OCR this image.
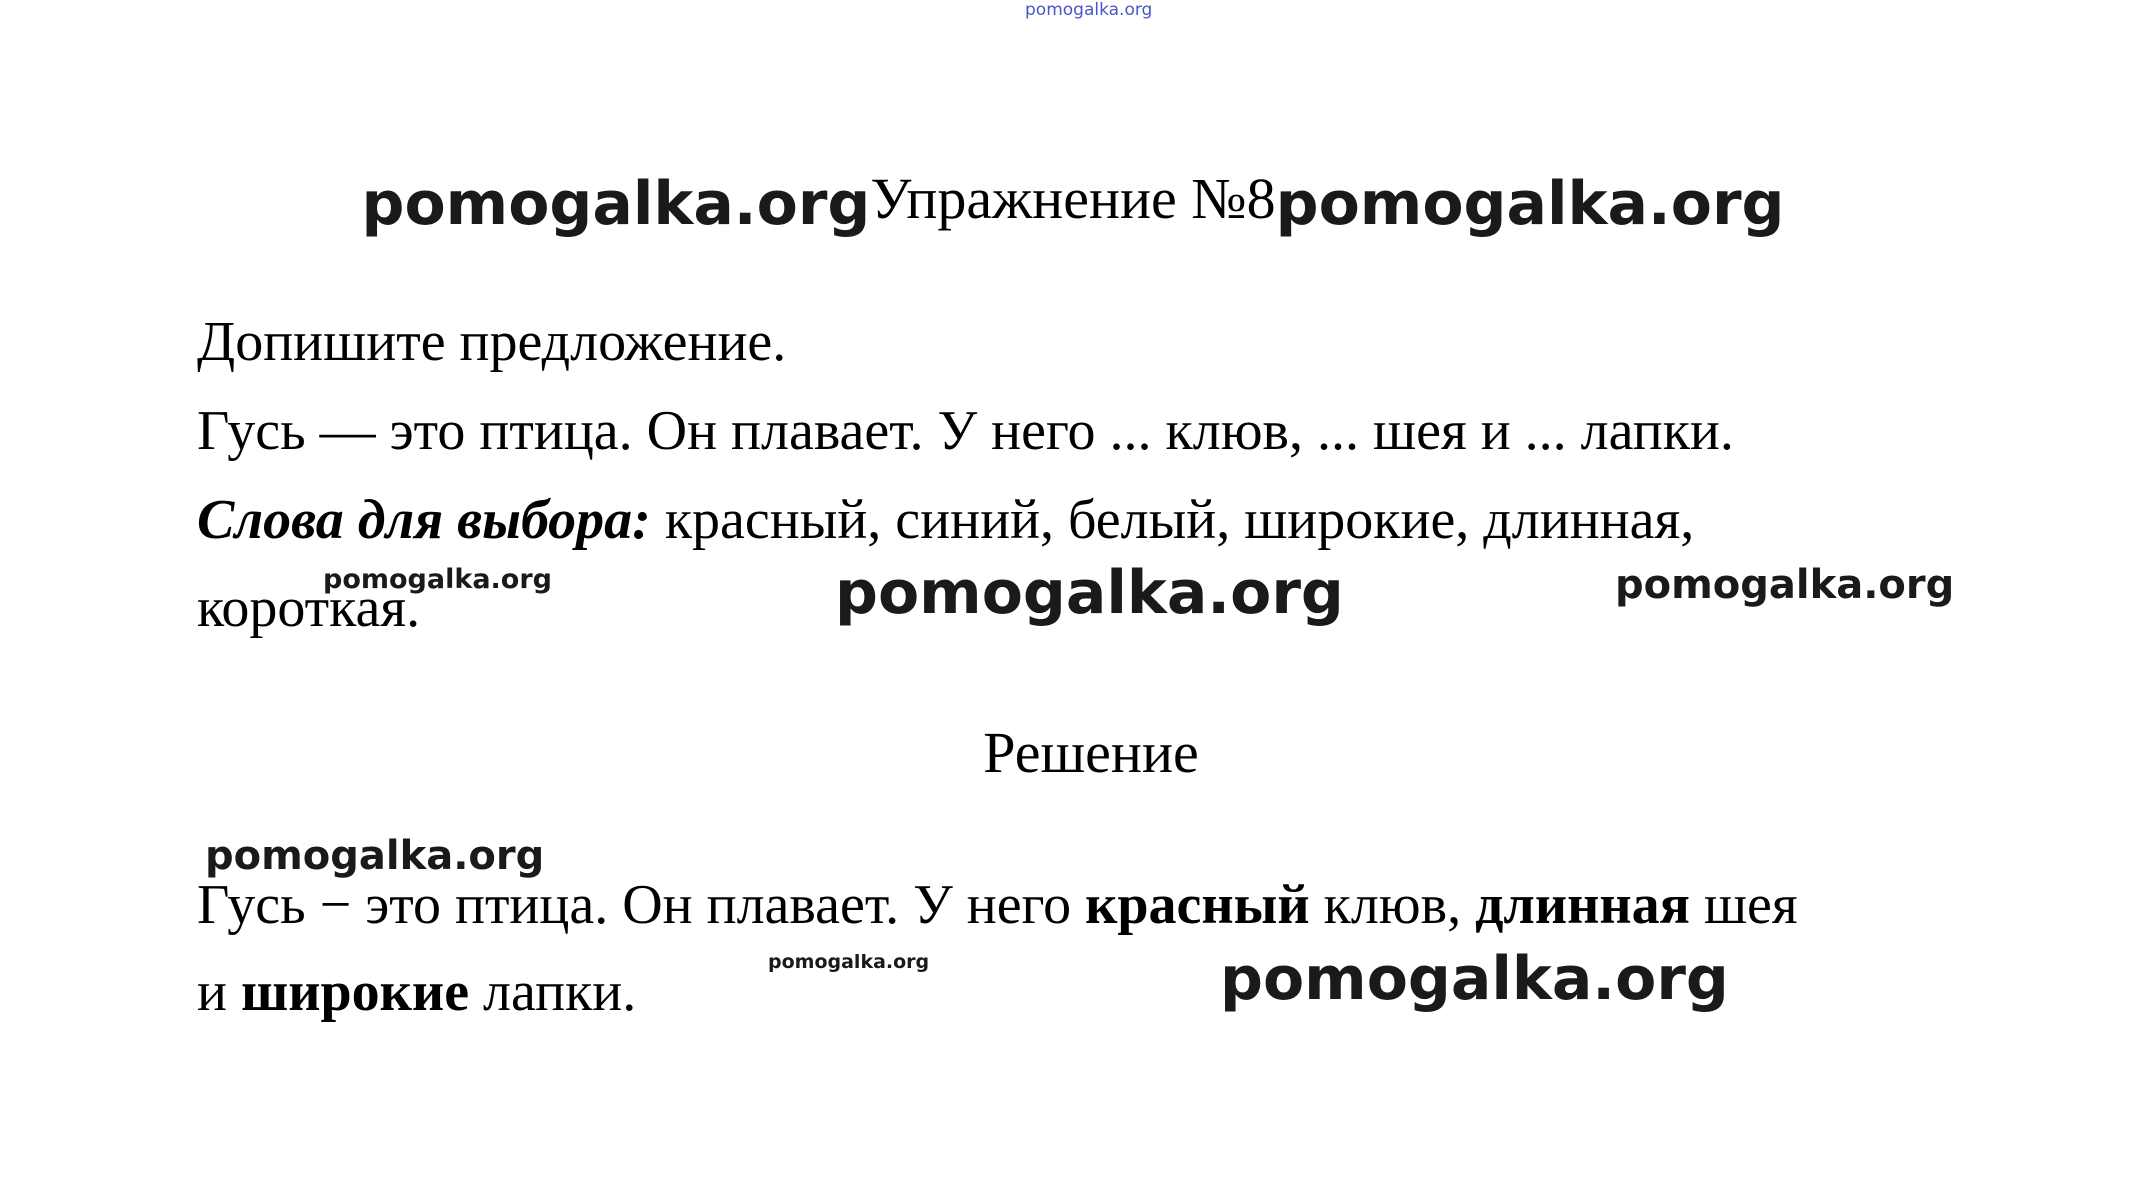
pomogalka.org
pomogalka.orgУпражнение №8pomogalka.org
Допишите предложение.
Гусь — это птица. Он плавает. У него ... клюв, ... шея и ... лапки.
Слова для выбора: красный, синий, белый, широкие, длинная,
короткая.
pomogalka.org	pomogalka.org	pomogalka.org
Решение
pomogalka.org
Гусь − это птица. Он плавает. У него красный клюв, длинная шея
и широкие лапки.	pomogalka.org	pomogalka.org
